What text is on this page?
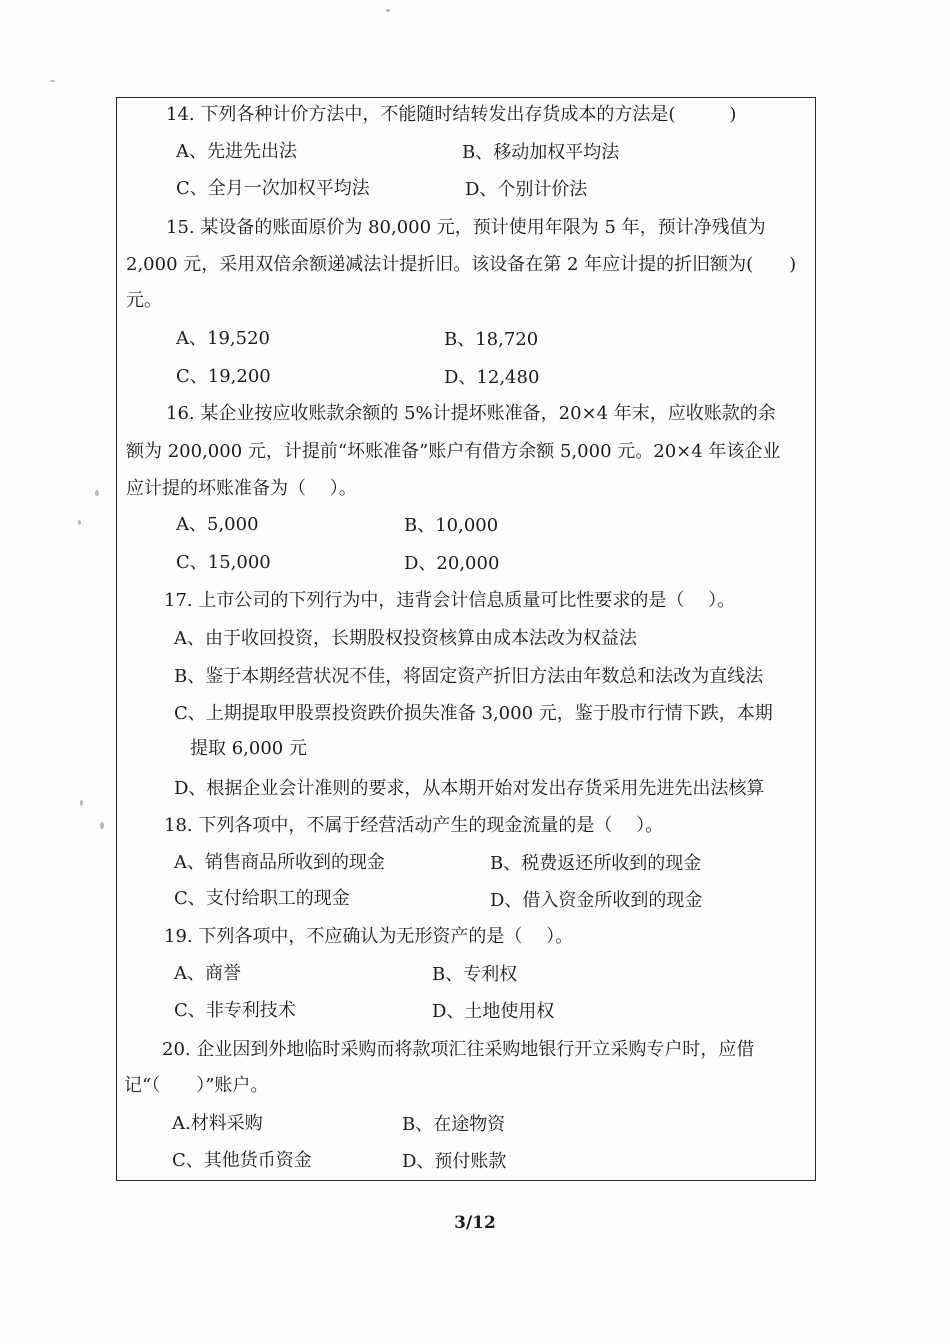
14. 下列各种计价方法中，不能随时结转发出存货成本的方法是(　　　)
A、先进先出法	B、移动加权平均法
C、全月一次加权平均法	D、个别计价法
15. 某设备的账面原价为 80,000 元，预计使用年限为 5 年，预计净残值为
2,000 元，采用双倍余额递减法计提折旧。该设备在第 2 年应计提的折旧额为(　　)
元。
A、19,520	B、18,720
C、19,200	D、12,480
16. 某企业按应收账款余额的 5%计提坏账准备，20×4 年末，应收账款的余
额为 200,000 元，计提前“坏账准备”账户有借方余额 5,000 元。20×4 年该企业
应计提的坏账准备为（　 ）。
A、5,000	B、10,000
C、15,000	D、20,000
17. 上市公司的下列行为中，违背会计信息质量可比性要求的是（　 ）。
A、由于收回投资，长期股权投资核算由成本法改为权益法
B、鉴于本期经营状况不佳，将固定资产折旧方法由年数总和法改为直线法
C、上期提取甲股票投资跌价损失准备 3,000 元，鉴于股市行情下跌，本期
提取 6,000 元
D、根据企业会计准则的要求，从本期开始对发出存货采用先进先出法核算
18. 下列各项中，不属于经营活动产生的现金流量的是（　 ）。
A、销售商品所收到的现金	B、税费返还所收到的现金
C、支付给职工的现金	D、借入资金所收到的现金
19. 下列各项中，不应确认为无形资产的是（　 ）。
A、商誉	B、专利权
C、非专利技术	D、土地使用权
20. 企业因到外地临时采购而将款项汇往采购地银行开立采购专户时，应借
记“（　　）”账户。
A.材料采购	B、在途物资
C、其他货币资金	D、预付账款
3/12
